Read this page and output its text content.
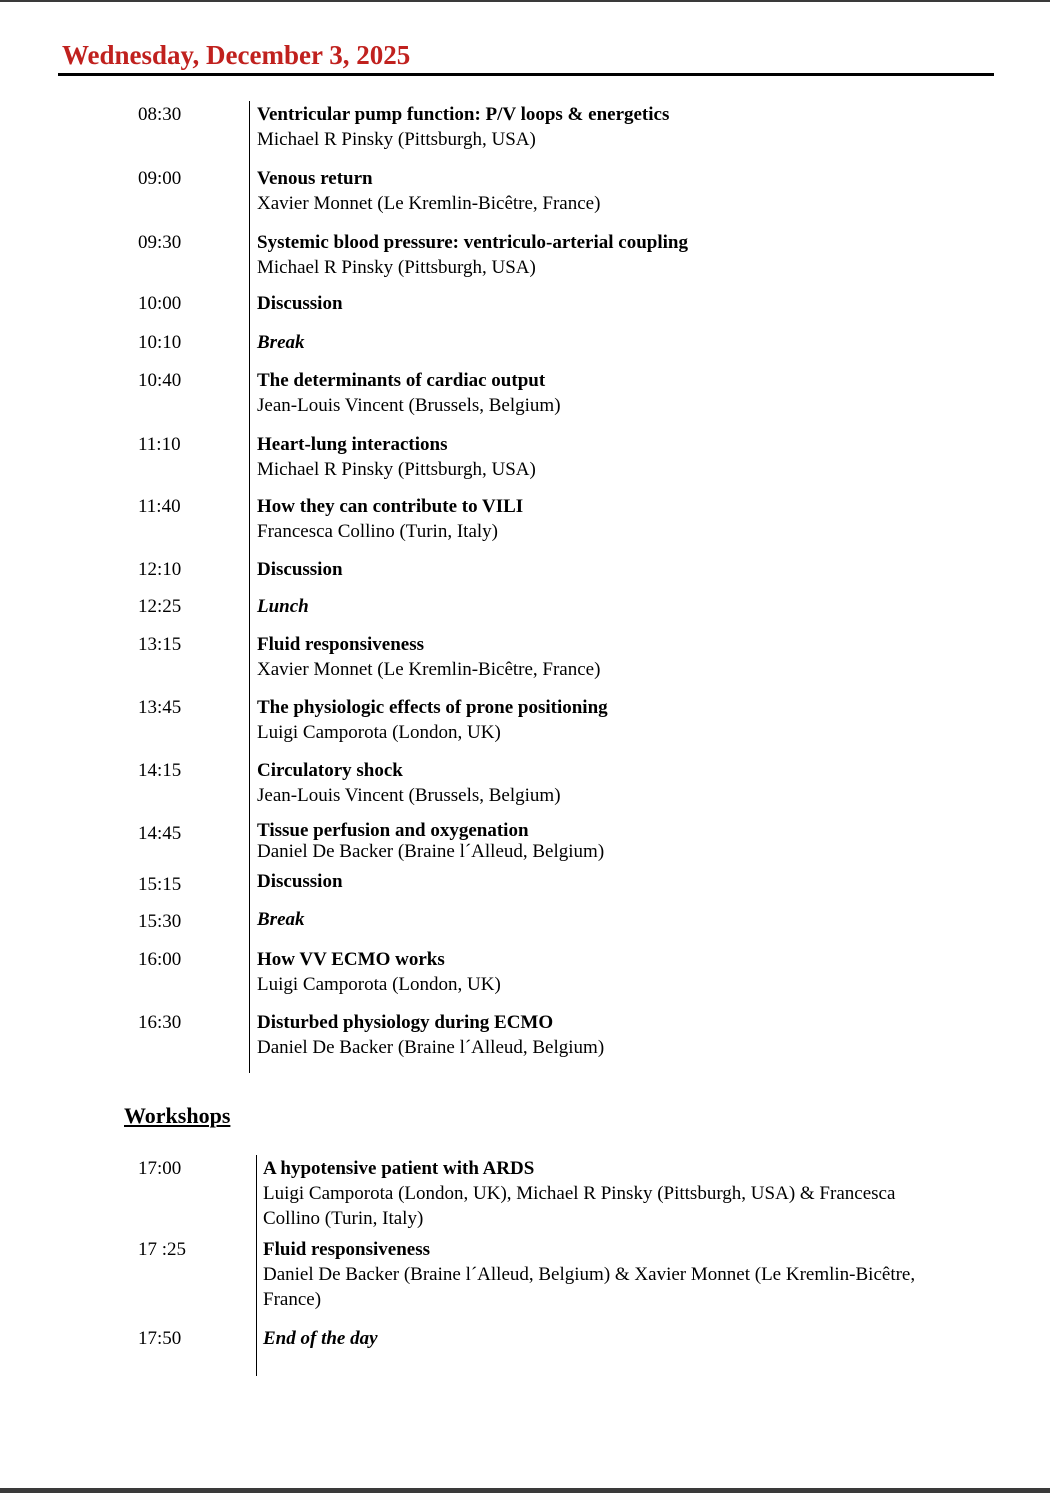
Wednesday, December 3, 2025
08:30	Ventricular pump function: P/V loops & energetics
Michael R Pinsky (Pittsburgh, USA)
09:00	Venous return
Xavier Monnet (Le Kremlin-Bicêtre, France)
09:30	Systemic blood pressure: ventriculo-arterial coupling
Michael R Pinsky (Pittsburgh, USA)
10:00	Discussion
10:10	Break
10:40	The determinants of cardiac output
Jean-Louis Vincent (Brussels, Belgium)
11:10	Heart-lung interactions
Michael R Pinsky (Pittsburgh, USA)
11:40	How they can contribute to VILI
Francesca Collino (Turin, Italy)
12:10	Discussion
12:25	Lunch
13:15	Fluid responsiveness
Xavier Monnet (Le Kremlin-Bicêtre, France)
13:45	The physiologic effects of prone positioning
Luigi Camporota (London, UK)
14:15	Circulatory shock
Jean-Louis Vincent (Brussels, Belgium)
14:45	Tissue perfusion and oxygenation
Daniel De Backer (Braine l´Alleud, Belgium)
15:15	Discussion
15:30	Break
16:00	How VV ECMO works
Luigi Camporota (London, UK)
16:30	Disturbed physiology during ECMO
Daniel De Backer (Braine l´Alleud, Belgium)
Workshops
17:00	A hypotensive patient with ARDS
Luigi Camporota (London, UK), Michael R Pinsky (Pittsburgh, USA) & Francesca Collino (Turin, Italy)
17 :25	Fluid responsiveness
Daniel De Backer (Braine l´Alleud, Belgium) & Xavier Monnet (Le Kremlin-Bicêtre, France)
17:50	End of the day
